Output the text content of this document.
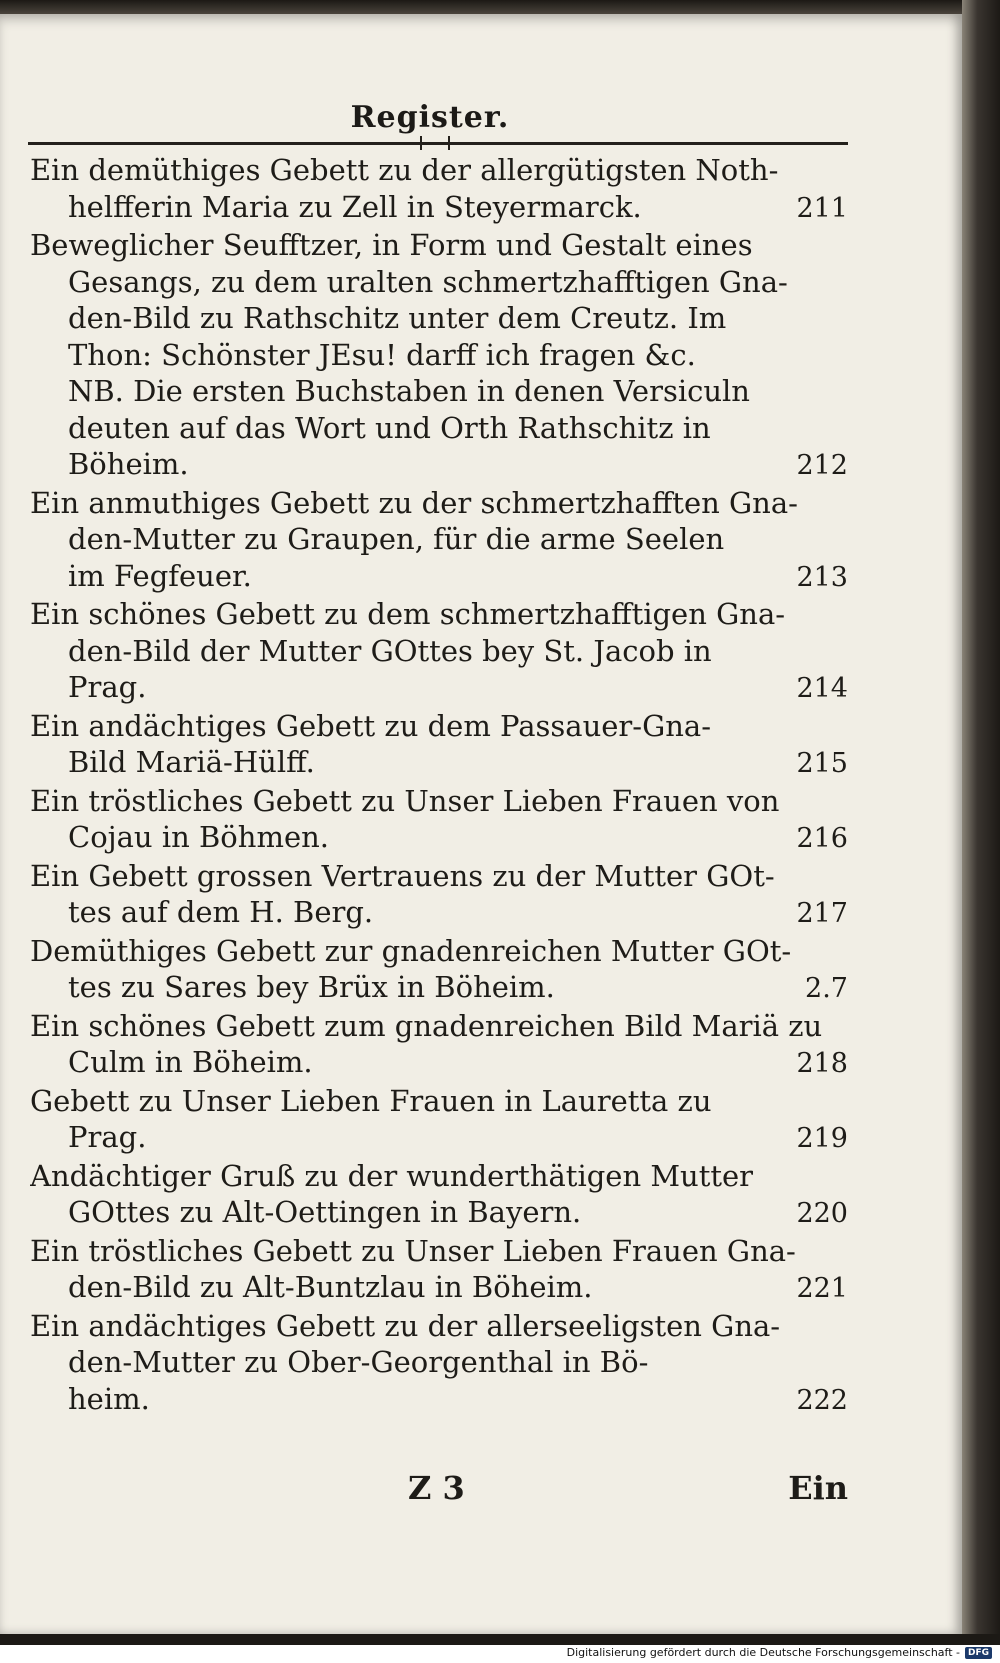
Register.
Ein demüthiges Gebett zu der allergütigsten Noth-
helfferin Maria zu Zell in Steyermarck.	211
Beweglicher Seufftzer, in Form und Gestalt eines
Gesangs, zu dem uralten schmertzhafftigen Gna-
den-Bild zu Rathschitz unter dem Creutz. Im
Thon: Schönster JEsu! darff ich fragen &c.
NB. Die ersten Buchstaben in denen Versiculn
deuten auf das Wort und Orth Rathschitz in
Böheim.	212
Ein anmuthiges Gebett zu der schmertzhafften Gna-
den-Mutter zu Graupen, für die arme Seelen
im Fegfeuer.	213
Ein schönes Gebett zu dem schmertzhafftigen Gna-
den-Bild der Mutter GOttes bey St. Jacob in
Prag.	214
Ein andächtiges Gebett zu dem Passauer-Gna-
Bild Mariä-Hülff.	215
Ein tröstliches Gebett zu Unser Lieben Frauen von
Cojau in Böhmen.	216
Ein Gebett grossen Vertrauens zu der Mutter GOt-
tes auf dem H. Berg.	217
Demüthiges Gebett zur gnadenreichen Mutter GOt-
tes zu Sares bey Brüx in Böheim.	2.7
Ein schönes Gebett zum gnadenreichen Bild Mariä zu
Culm in Böheim.	218
Gebett zu Unser Lieben Frauen in Lauretta zu
Prag.	219
Andächtiger Gruß zu der wunderthätigen Mutter
GOttes zu Alt-Oettingen in Bayern.	220
Ein tröstliches Gebett zu Unser Lieben Frauen Gna-
den-Bild zu Alt-Buntzlau in Böheim.	221
Ein andächtiges Gebett zu der allerseeligsten Gna-
den-Mutter zu Ober-Georgenthal in Bö-
heim.	222
Z 3	Ein
Digitalisierung gefördert durch die Deutsche Forschungsgemeinschaft - DFG
